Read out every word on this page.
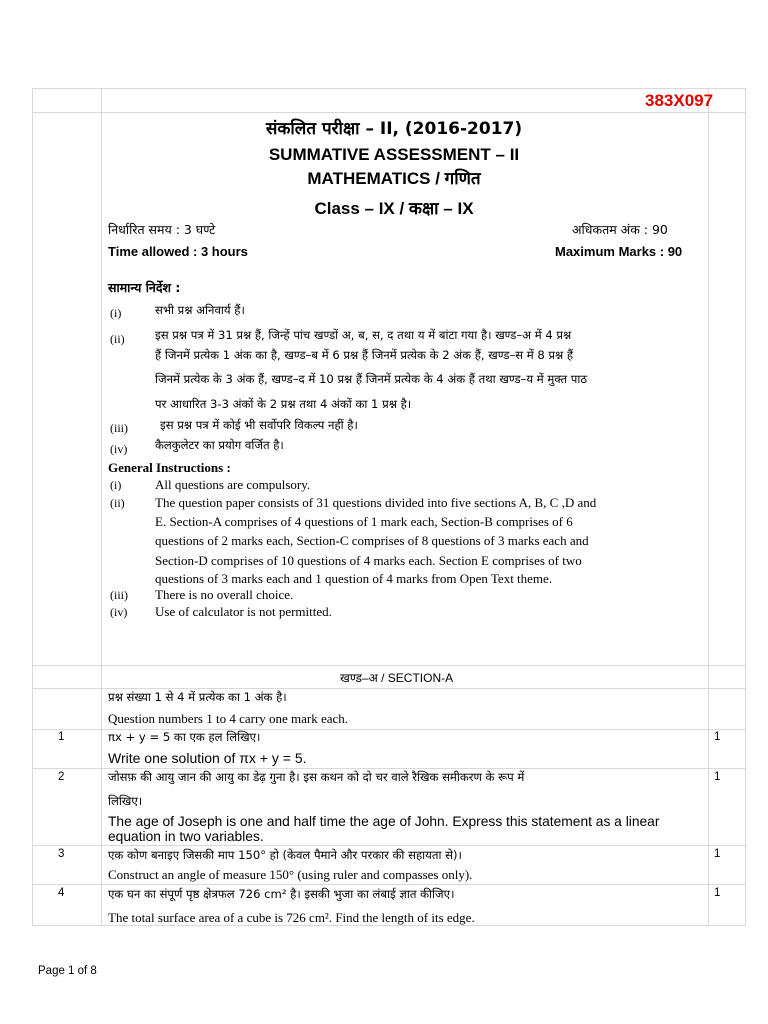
383X097
संकलित परीक्षा – II, (2016-2017)
SUMMATIVE ASSESSMENT – II
MATHEMATICS / गणित
Class – IX / कक्षा – IX
निर्धारित समय : 3 घण्टे	अधिकतम अंक : 90
Time allowed : 3 hours	Maximum Marks : 90
सामान्य निर्देश :
(i)	सभी प्रश्न अनिवार्य हैं।
(ii)	इस प्रश्न पत्र में 31 प्रश्न हैं, जिन्हें पांच खण्डों अ, ब, स, द तथा य में बांटा गया है। खण्ड–अ में 4 प्रश्न
हैं जिनमें प्रत्येक 1 अंक का है, खण्ड–ब में 6 प्रश्न हैं जिनमें प्रत्येक के 2 अंक हैं, खण्ड–स में 8 प्रश्न हैं
जिनमें प्रत्येक के 3 अंक हैं, खण्ड–द में 10 प्रश्न हैं जिनमें प्रत्येक के 4 अंक हैं तथा खण्ड–य में मुक्त पाठ
पर आधारित 3-3 अंकों के 2 प्रश्न तथा 4 अंकों का 1 प्रश्न है।
(iii)	इस प्रश्न पत्र में कोई भी सर्वोपरि विकल्प नहीं है।
(iv) कैलकुलेटर का प्रयोग वर्जित है।
General Instructions :
(i)	All questions are compulsory.
(ii) The question paper consists of 31 questions divided into five sections A, B, C ,D and
E. Section-A comprises of 4 questions of 1 mark each, Section-B comprises of 6
questions of 2 marks each, Section-C comprises of 8 questions of 3 marks each and
Section-D comprises of 10 questions of 4 marks each. Section E comprises of two
questions of 3 marks each and 1 question of 4 marks from Open Text theme.
(iii) There is no overall choice.
(iv) Use of calculator is not permitted.
खण्ड–अ / SECTION-A
प्रश्न संख्या 1 से 4 में प्रत्येक का 1 अंक है।
Question numbers 1 to 4 carry one mark each.
1	πx + y = 5 का एक हल लिखिए।
Write one solution of πx + y = 5.
1
2	जोसफ़ की आयु जान की आयु का डेढ़ गुना है। इस कथन को दो चर वाले रैखिक समीकरण के रूप में
लिखिए।
The age of Joseph is one and half time the age of John. Express this statement as a linear
equation in two variables.
1
3	एक कोण बनाइए जिसकी माप 150° हो (केवल पैमाने और परकार की सहायता से)।
Construct an angle of measure 150° (using ruler and compasses only).
1
4	एक घन का संपूर्ण पृष्ठ क्षेत्रफल 726 cm² है। इसकी भुजा का लंबाई ज्ञात कीजिए।
The total surface area of a cube is 726 cm². Find the length of its edge.
1
Page 1 of 8
